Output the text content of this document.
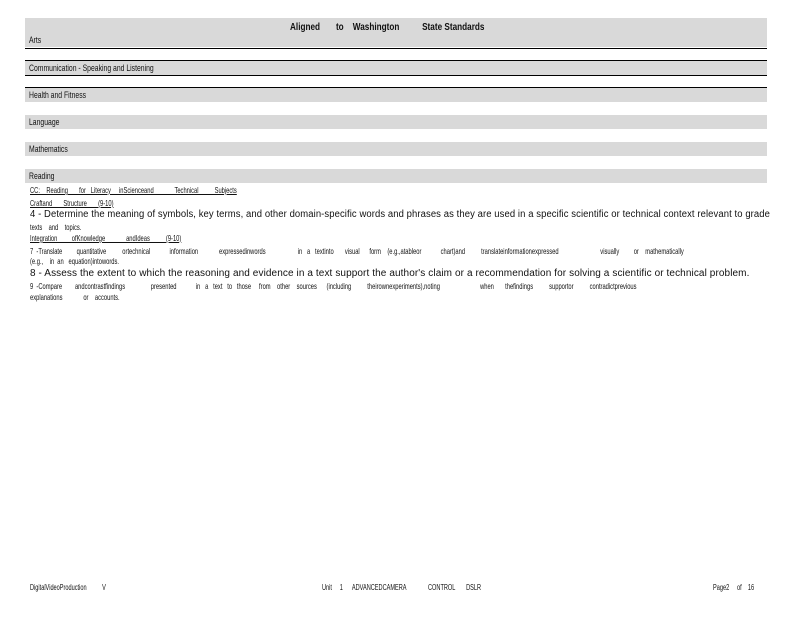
Arts
Aligned       to    Washington          State Standards
Communication - Speaking and Listening
Health and Fitness
Language
Mathematics
Reading
CC:    Reading       for   Literacy     inScienceand             Technical          Subjects
Craftand       Structure       (9-10)
4 - Determine the meaning of symbols, key terms, and other domain-specific words and phrases as they are used in a specific scientific or technical context relevant to grade
texts    and    topics.
Integration         ofKnowledge             andIdeas          (9-10)
7  -Translate         quantitative          ortechnical            information             expressedinwords                    in   a   textinto       visual      form    (e.g.,atableor            chart)and          translateinformationexpressed                          visually         or    mathematically
(e.g.,    in  an   equation)intowords.
8 - Assess the extent to which the reasoning and evidence in a text support the author's claim or a recommendation for solving a scientific or technical problem.
9  -Compare        andcontrastfindings                presented            in   a   text   to   those     from    other    sources      (including          theirownexperiments),noting                         when       thefindings          supportor          contradictprevious
explanations             or    accounts.
DigitalVideoProduction          V	Unit     1      ADVANCEDCAMERA              CONTROL       DSLR	Page2     of    16
